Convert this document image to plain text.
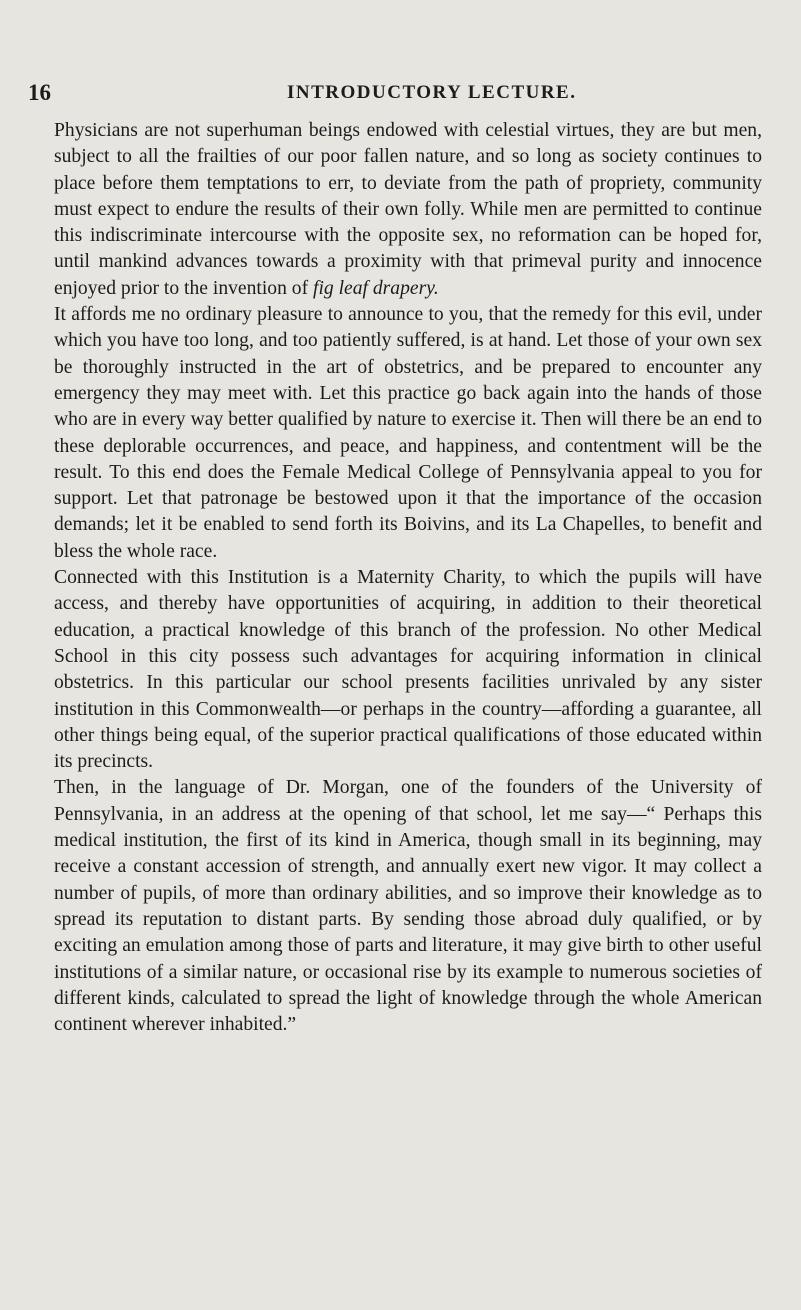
16	INTRODUCTORY LECTURE.

Physicians are not superhuman beings endowed with celestial virtues, they are but men, subject to all the frailties of our poor fallen nature, and so long as society continues to place before them temptations to err, to deviate from the path of propriety, community must expect to endure the results of their own folly. While men are permitted to continue this indiscriminate intercourse with the opposite sex, no reformation can be hoped for, until mankind advances towards a proximity with that primeval purity and innocence enjoyed prior to the invention of fig leaf drapery.

It affords me no ordinary pleasure to announce to you, that the remedy for this evil, under which you have too long, and too patiently suffered, is at hand. Let those of your own sex be thoroughly instructed in the art of obstetrics, and be prepared to encounter any emergency they may meet with. Let this practice go back again into the hands of those who are in every way better qualified by nature to exercise it. Then will there be an end to these deplorable occurrences, and peace, and happiness, and contentment will be the result. To this end does the Female Medical College of Pennsylvania appeal to you for support. Let that patronage be bestowed upon it that the importance of the occasion demands; let it be enabled to send forth its Boivins, and its La Chapelles, to benefit and bless the whole race.

Connected with this Institution is a Maternity Charity, to which the pupils will have access, and thereby have opportunities of acquiring, in addition to their theoretical education, a practical knowledge of this branch of the profession. No other Medical School in this city possess such advantages for acquiring information in clinical obstetrics. In this particular our school presents facilities unrivaled by any sister institution in this Commonwealth—or perhaps in the country—affording a guarantee, all other things being equal, of the superior practical qualifications of those educated within its precincts.

Then, in the language of Dr. Morgan, one of the founders of the University of Pennsylvania, in an address at the opening of that school, let me say—“ Perhaps this medical institution, the first of its kind in America, though small in its beginning, may receive a constant accession of strength, and annually exert new vigor. It may collect a number of pupils, of more than ordinary abilities, and so improve their knowledge as to spread its reputation to distant parts. By sending those abroad duly qualified, or by exciting an emulation among those of parts and literature, it may give birth to other useful institutions of a similar nature, or occasional rise by its example to numerous societies of different kinds, calculated to spread the light of knowledge through the whole American continent wherever inhabited.”
